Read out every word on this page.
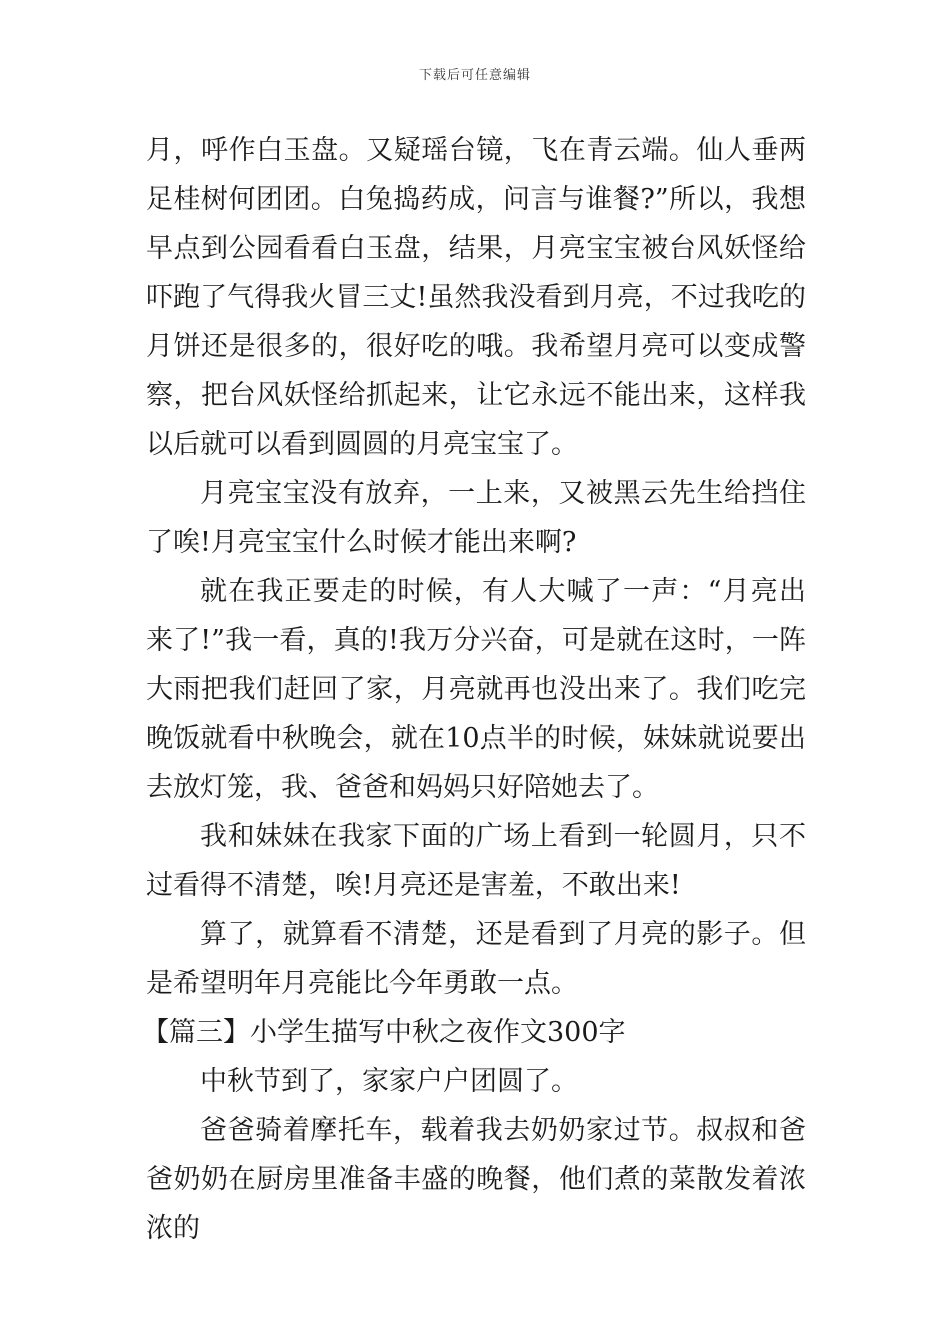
下载后可任意编辑

月，呼作白玉盘。又疑瑶台镜，飞在青云端。仙人垂两足桂树何团团。白兔捣药成，问言与谁餐?”所以，我想早点到公园看看白玉盘，结果，月亮宝宝被台风妖怪给吓跑了气得我火冒三丈!虽然我没看到月亮，不过我吃的月饼还是很多的，很好吃的哦。我希望月亮可以变成警察，把台风妖怪给抓起来，让它永远不能出来，这样我以后就可以看到圆圆的月亮宝宝了。

月亮宝宝没有放弃，一上来，又被黑云先生给挡住了唉!月亮宝宝什么时候才能出来啊?

就在我正要走的时候，有人大喊了一声：“月亮出来了!”我一看，真的!我万分兴奋，可是就在这时，一阵大雨把我们赶回了家，月亮就再也没出来了。我们吃完晚饭就看中秋晚会，就在10点半的时候，妹妹就说要出去放灯笼，我、爸爸和妈妈只好陪她去了。

我和妹妹在我家下面的广场上看到一轮圆月，只不过看得不清楚，唉!月亮还是害羞，不敢出来!

算了，就算看不清楚，还是看到了月亮的影子。但是希望明年月亮能比今年勇敢一点。

【篇三】小学生描写中秋之夜作文300字

中秋节到了，家家户户团圆了。

爸爸骑着摩托车，载着我去奶奶家过节。叔叔和爸爸奶奶在厨房里准备丰盛的晚餐，他们煮的菜散发着浓浓的
